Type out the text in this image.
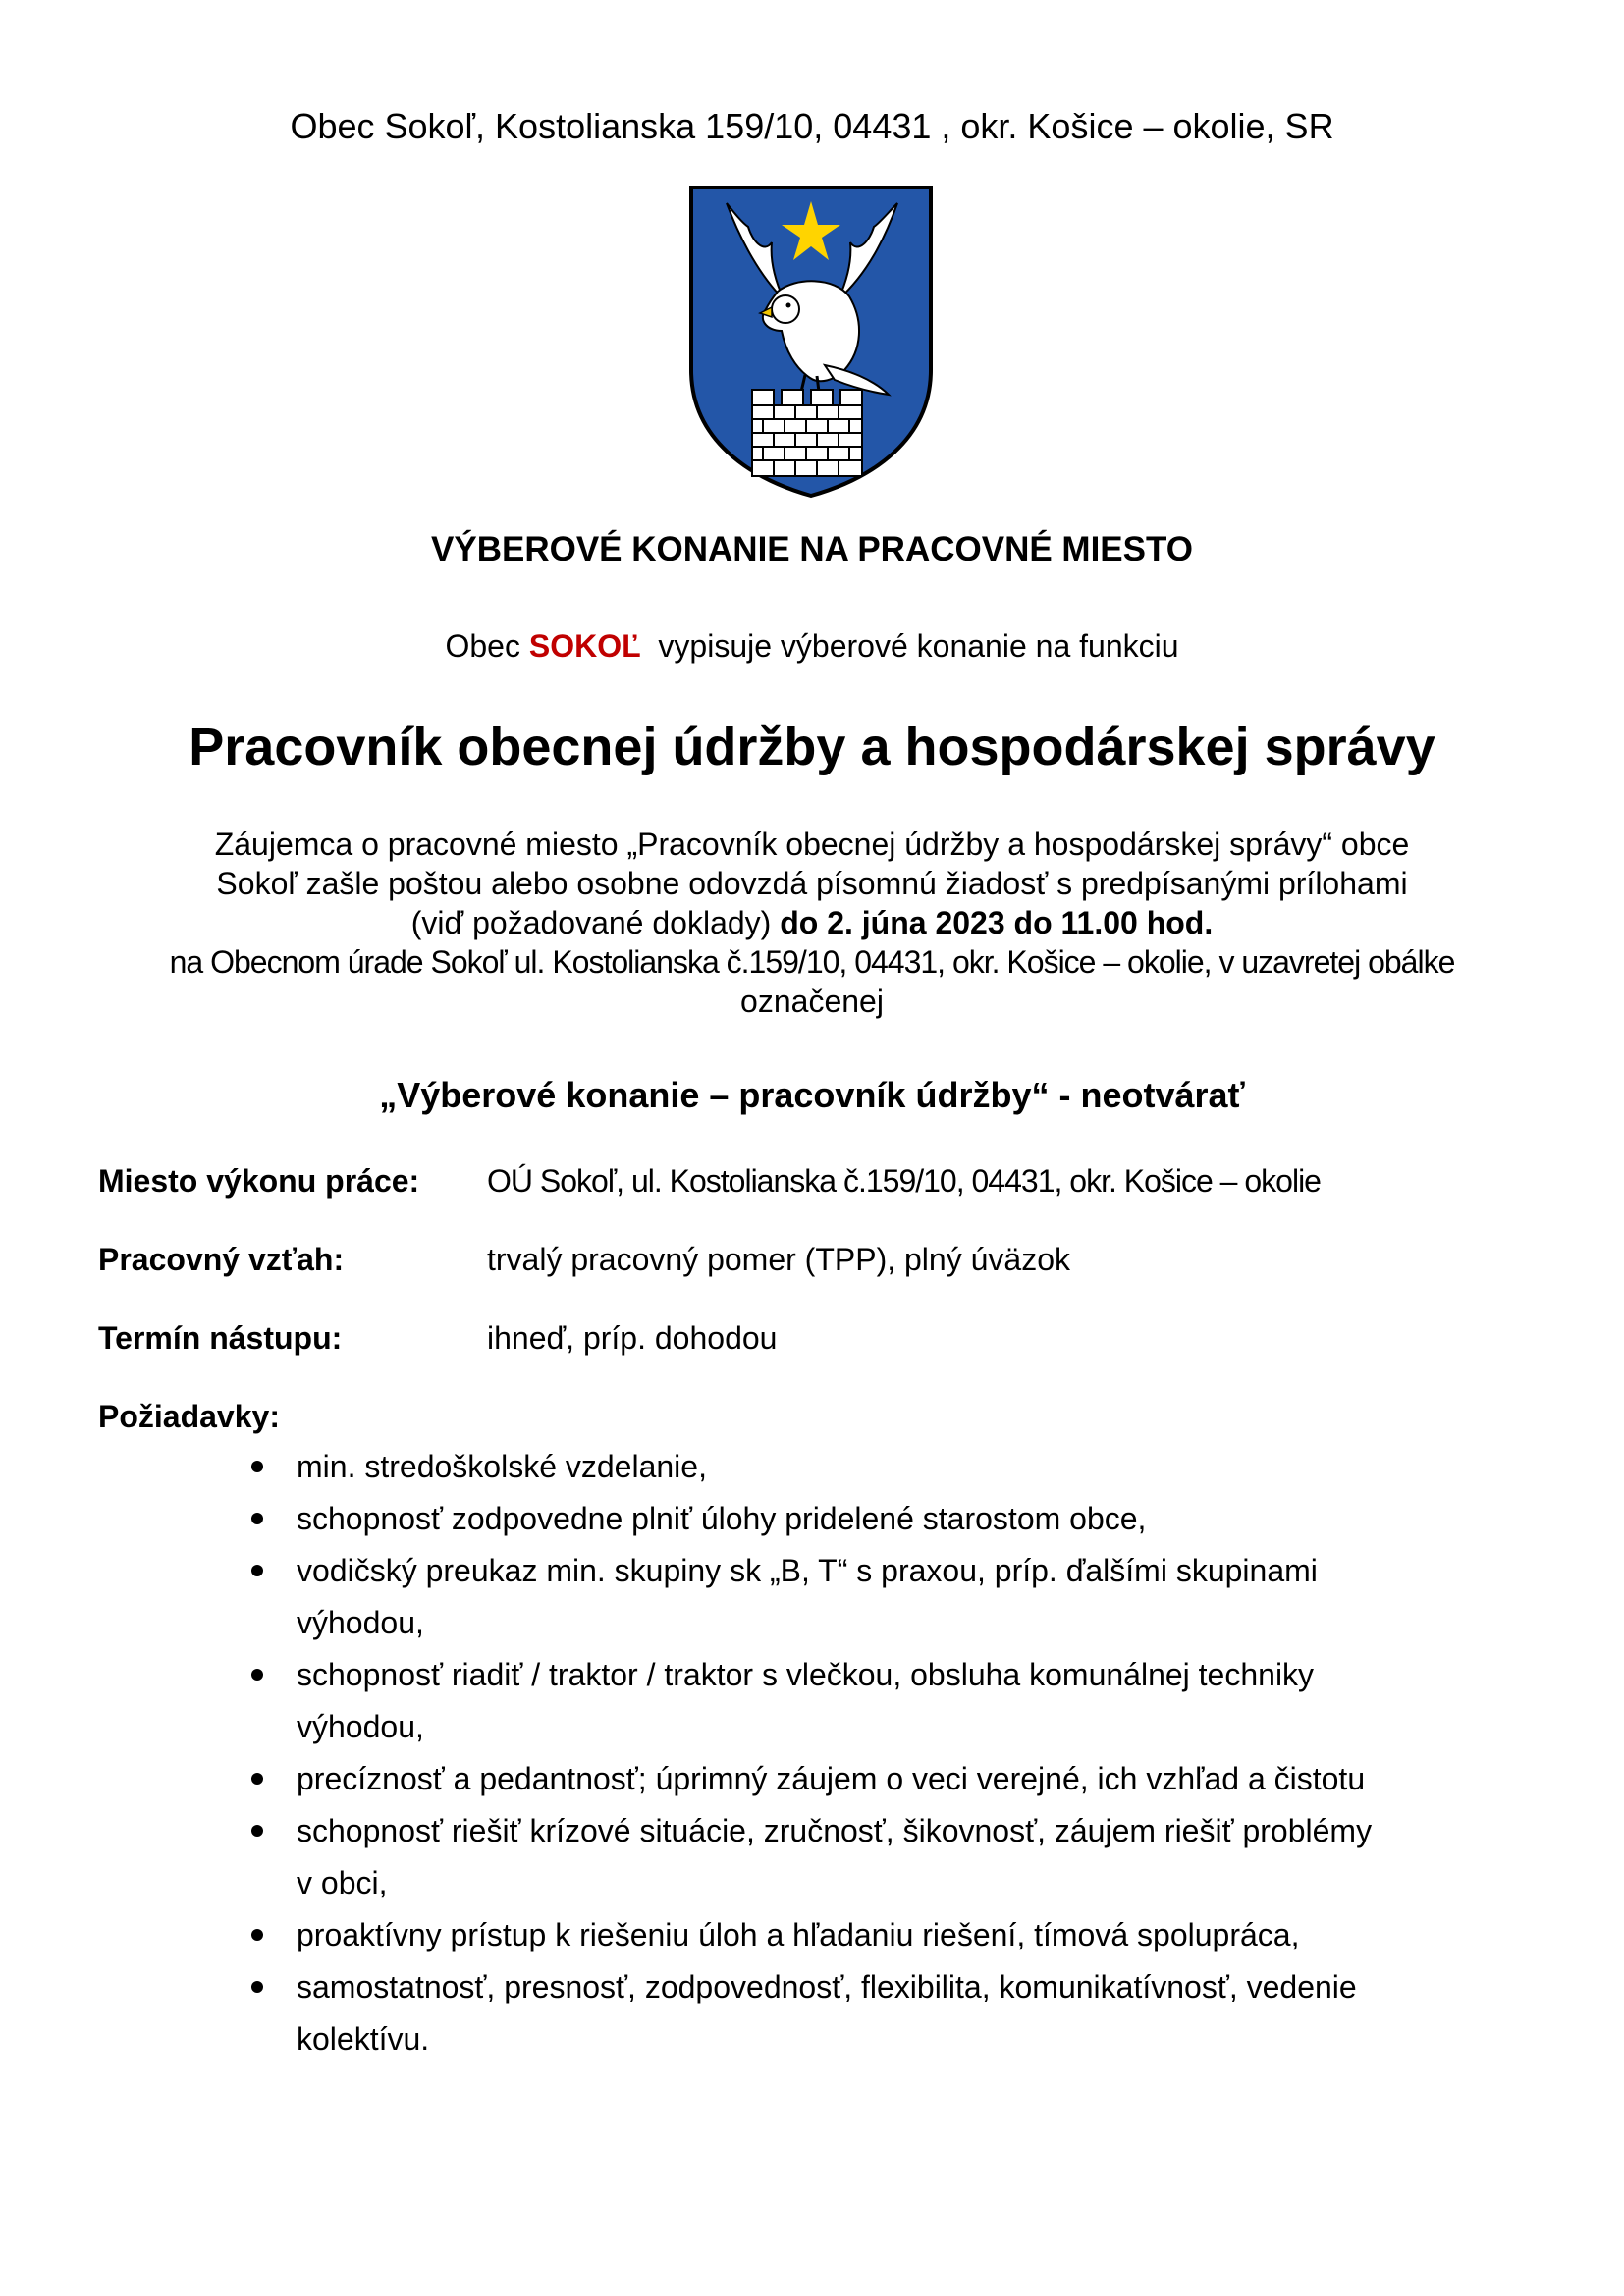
Obec Sokoľ, Kostolianska 159/10, 04431 , okr. Košice – okolie, SR
VÝBEROVÉ KONANIE NA PRACOVNÉ MIESTO
Obec SOKOĽ  vypisuje výberové konanie na funkciu
Pracovník obecnej údržby a hospodárskej správy
Záujemca o pracovné miesto „Pracovník obecnej údržby a hospodárskej správy“ obce
Sokoľ zašle poštou alebo osobne odovzdá písomnú žiadosť s predpísanými prílohami
(viď požadované doklady) do 2. júna 2023 do 11.00 hod.
na Obecnom úrade Sokoľ ul. Kostolianska č.159/10, 04431, okr. Košice – okolie, v uzavretej obálke
označenej
„Výberové konanie – pracovník údržby“ - neotvárať
Miesto výkonu práce: OÚ Sokoľ, ul. Kostolianska č.159/10, 04431, okr. Košice – okolie
Pracovný vzťah:	trvalý pracovný pomer (TPP), plný úväzok
Termín nástupu:	ihneď, príp. dohodou
Požiadavky:
min. stredoškolské vzdelanie,
schopnosť zodpovedne plniť úlohy pridelené starostom obce,
vodičský preukaz min. skupiny sk „B, T“ s praxou, príp. ďalšími skupinami
výhodou,
schopnosť riadiť / traktor / traktor s vlečkou, obsluha komunálnej techniky
výhodou,
precíznosť a pedantnosť; úprimný záujem o veci verejné, ich vzhľad a čistotu
schopnosť riešiť krízové situácie, zručnosť, šikovnosť, záujem riešiť problémy
v obci,
proaktívny prístup k riešeniu úloh a hľadaniu riešení, tímová spolupráca,
samostatnosť, presnosť, zodpovednosť, flexibilita, komunikatívnosť, vedenie
kolektívu.
